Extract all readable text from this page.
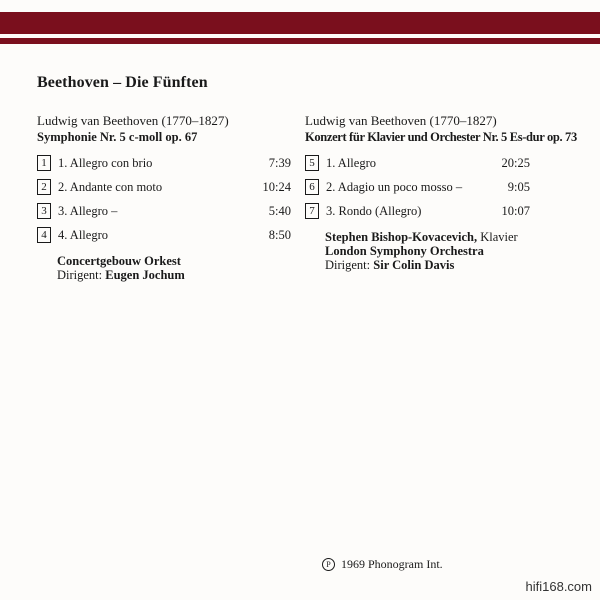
Beethoven – Die Fünften
Ludwig van Beethoven (1770–1827)
Symphonie Nr. 5 c-moll op. 67
1 1. Allegro con brio	7:39
2 2. Andante con moto	10:24
3 3. Allegro –	5:40
4 4. Allegro	8:50
Concertgebouw Orkest
Dirigent: Eugen Jochum
Ludwig van Beethoven (1770–1827)
Konzert für Klavier und Orchester Nr. 5 Es-dur op. 73
5 1. Allegro	20:25
6 2. Adagio un poco mosso –	9:05
7 3. Rondo (Allegro)	10:07
Stephen Bishop-Kovacevich, Klavier
London Symphony Orchestra
Dirigent: Sir Colin Davis
P 1969 Phonogram Int.
hifi168.com
